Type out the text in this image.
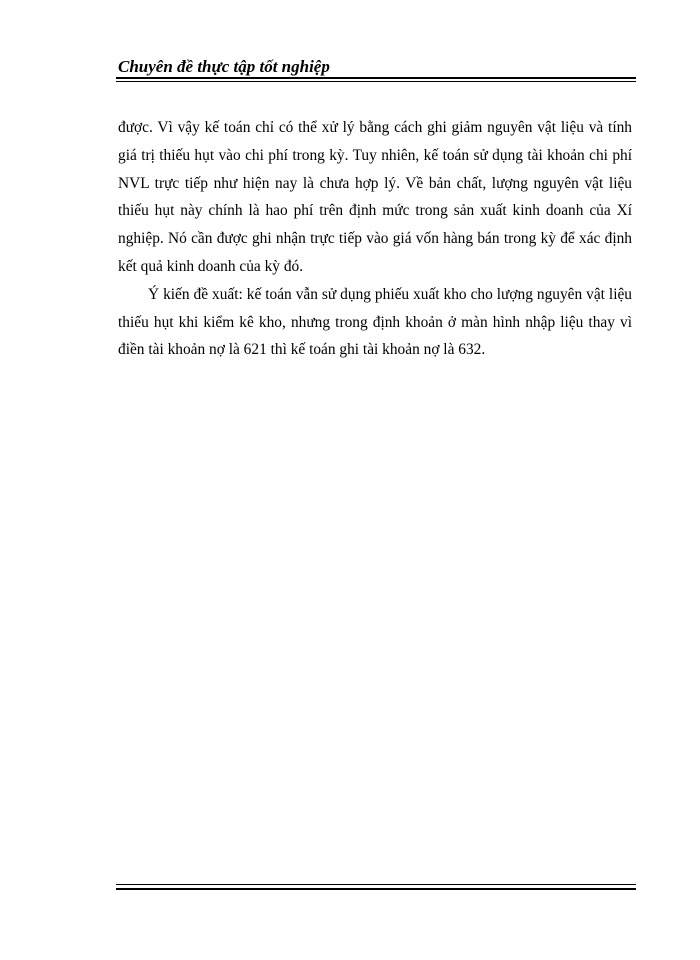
Chuyên đề thực tập tốt nghiệp

được. Vì vậy kế toán chỉ có thể xử lý bằng cách ghi giảm nguyên vật liệu và tính giá trị thiếu hụt vào chi phí trong kỳ. Tuy nhiên, kế toán sử dụng tài khoản chi phí NVL trực tiếp như hiện nay là chưa hợp lý. Về bản chất, lượng nguyên vật liệu thiếu hụt này chính là hao phí trên định mức trong sản xuất kinh doanh của Xí nghiệp. Nó cần được ghi nhận trực tiếp vào giá vốn hàng bán trong kỳ để xác định kết quả kinh doanh của kỳ đó.

Ý kiến đề xuất: kế toán vẫn sử dụng phiếu xuất kho cho lượng nguyên vật liệu thiếu hụt khi kiểm kê kho, nhưng trong định khoản ở màn hình nhập liệu thay vì điền tài khoản nợ là 621 thì kế toán ghi tài khoản nợ là 632.
